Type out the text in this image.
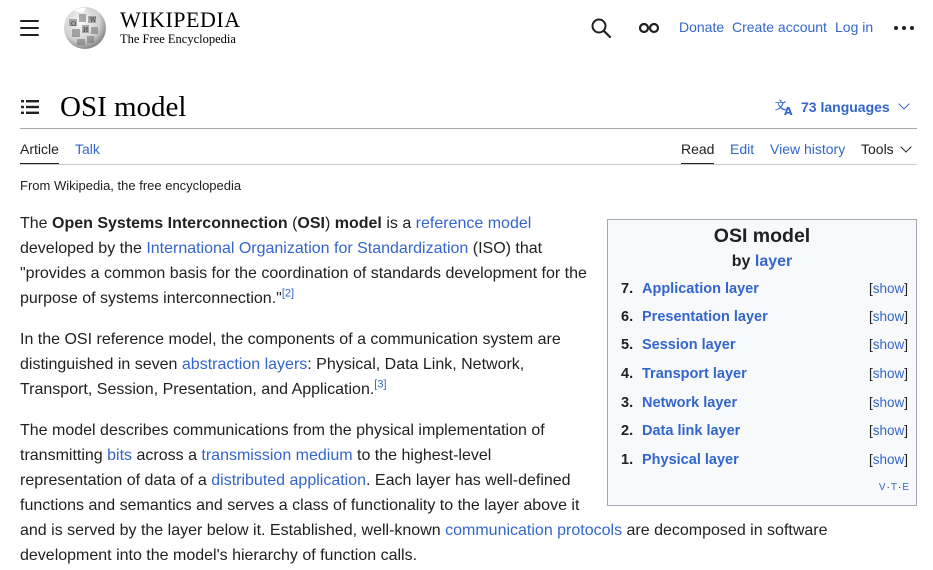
Ω
W
И WIKIPEDIA
The Free Encyclopedia
Donate Create account Log in
OSI model	文
A 73 languages
Article Talk	Read Edit View history Tools
From Wikipedia, the free encyclopedia

The Open Systems Interconnection (OSI) model is a reference model developed by the International Organization for Standardization (ISO) that "provides a common basis for the coordination of standards development for the purpose of systems interconnection."[2]

In the OSI reference model, the components of a communication system are distinguished in seven abstraction layers: Physical, Data Link, Network, Transport, Session, Presentation, and Application.[3]

The model describes communications from the physical implementation of transmitting bits across a transmission medium to the highest-level representation of data of a distributed application. Each layer has well-defined functions and semantics and serves a class of functionality to the layer above it and is served by the layer below it. Established, well-known communication protocols are decomposed in software development into the model's hierarchy of function calls.

OSI model
by layer
7. Application layer	[show]
6. Presentation layer	[show]
5. Session layer	[show]
4. Transport layer	[show]
3. Network layer	[show]
2. Data link layer	[show]
1. Physical layer	[show]
V·T·E
